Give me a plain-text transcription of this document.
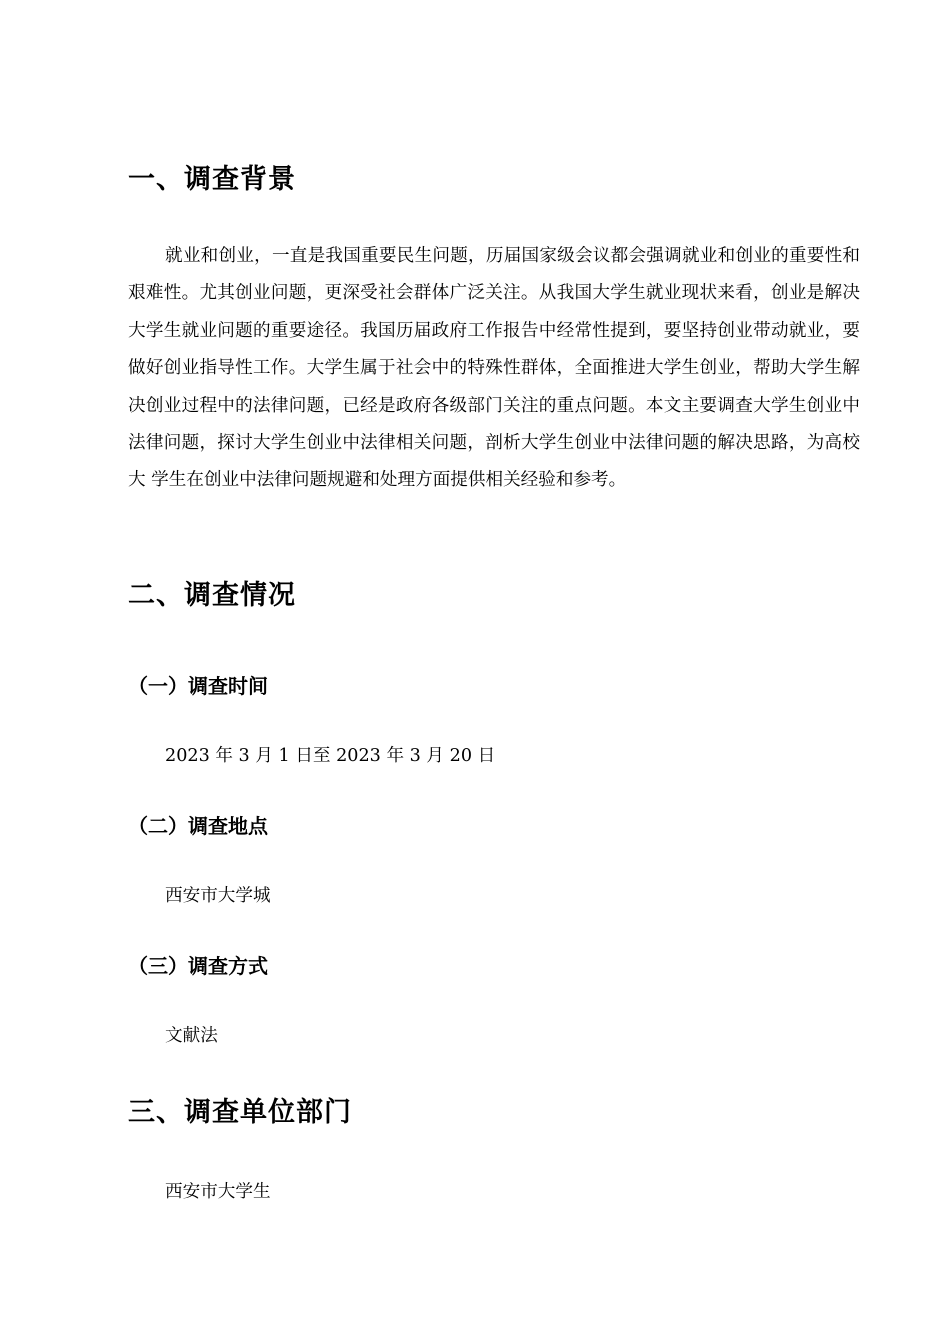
一、调查背景

就业和创业，一直是我国重要民生问题，历届国家级会议都会强调就业和创业的重要性和艰难性。尤其创业问题，更深受社会群体广泛关注。从我国大学生就业现状来看，创业是解决大学生就业问题的重要途径。我国历届政府工作报告中经常性提到，要坚持创业带动就业，要做好创业指导性工作。大学生属于社会中的特殊性群体，全面推进大学生创业，帮助大学生解决创业过程中的法律问题，已经是政府各级部门关注的重点问题。本文主要调查大学生创业中法律问题，探讨大学生创业中法律相关问题，剖析大学生创业中法律问题的解决思路，为高校大 学生在创业中法律问题规避和处理方面提供相关经验和参考。

二、调查情况
（一）调查时间

2023 年 3 月 1 日至 2023 年 3 月 20 日

（二）调查地点

西安市大学城

（三）调查方式

文献法

三、调查单位部门

西安市大学生
